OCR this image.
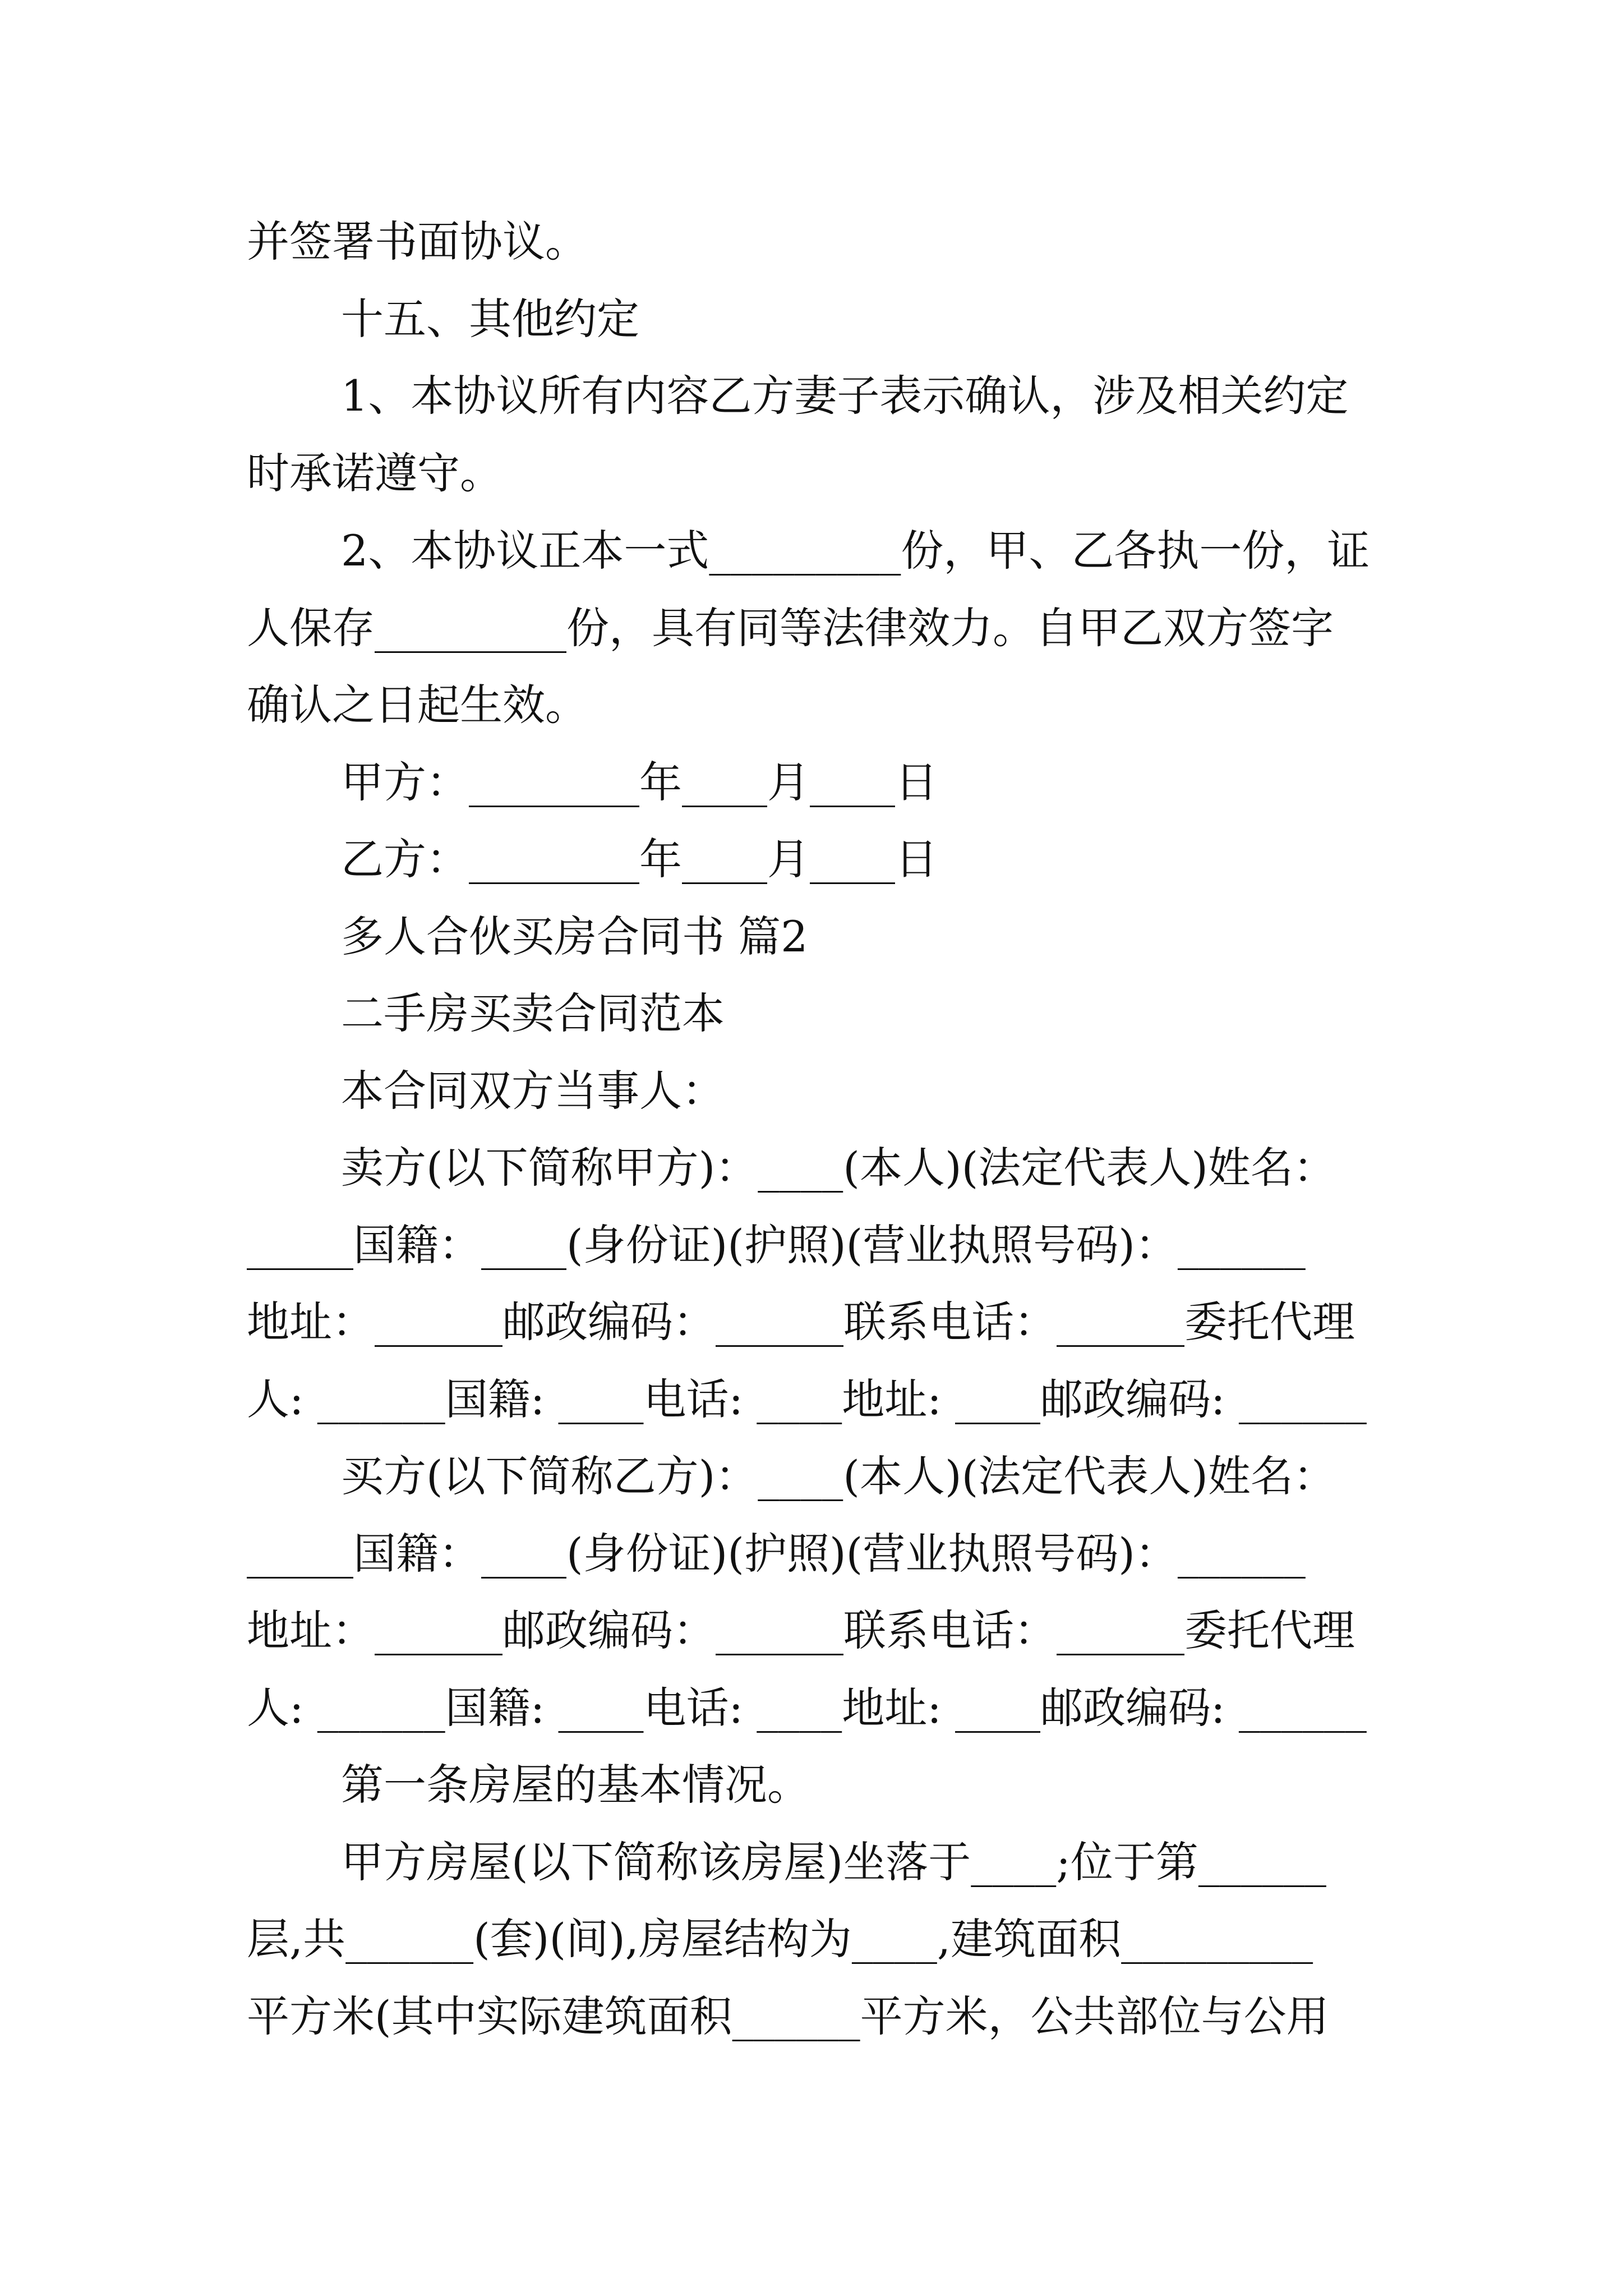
并签署书面协议。
十五、其他约定
1、本协议所有内容乙方妻子表示确认，涉及相关约定
时承诺遵守。
2、本协议正本一式_________份，甲、乙各执一份，证
人保存_________份，具有同等法律效力。自甲乙双方签字
确认之日起生效。
甲方：________年____月____日
乙方：________年____月____日
多人合伙买房合同书 篇2
二手房买卖合同范本
本合同双方当事人：
卖方(以下简称甲方)：____(本人)(法定代表人)姓名：
_____国籍：____(身份证)(护照)(营业执照号码)：______
地址：______邮政编码：______联系电话：______委托代理
人: ______国籍: ____电话: ____地址: ____邮政编码: ______
买方(以下简称乙方)：____(本人)(法定代表人)姓名：
_____国籍：____(身份证)(护照)(营业执照号码)：______
地址：______邮政编码：______联系电话：______委托代理
人: ______国籍: ____电话: ____地址: ____邮政编码: ______
第一条房屋的基本情况。
甲方房屋(以下简称该房屋)坐落于____;位于第______
层,共______(套)(间),房屋结构为____,建筑面积_________
平方米(其中实际建筑面积______平方米，公共部位与公用
